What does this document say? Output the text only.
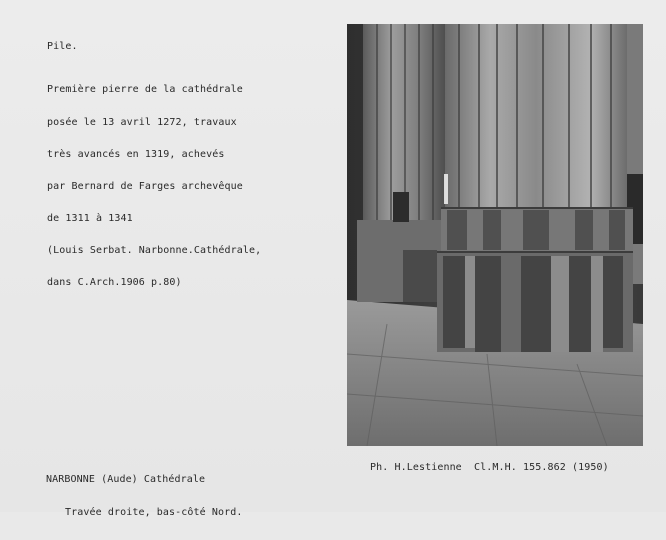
Pile.

Première pierre de la cathédrale

posée le 13 avril 1272, travaux

très avancés en 1319, achevés

par Bernard de Farges archevêque

de 1311 à 1341

(Louis Serbat. Narbonne.Cathédrale,

dans C.Arch.1906 p.80)

NARBONNE (Aude) Cathédrale

Travée droite, bas-côté Nord.

Ph. H.Lestienne  Cl.M.H. 155.862 (1950)
